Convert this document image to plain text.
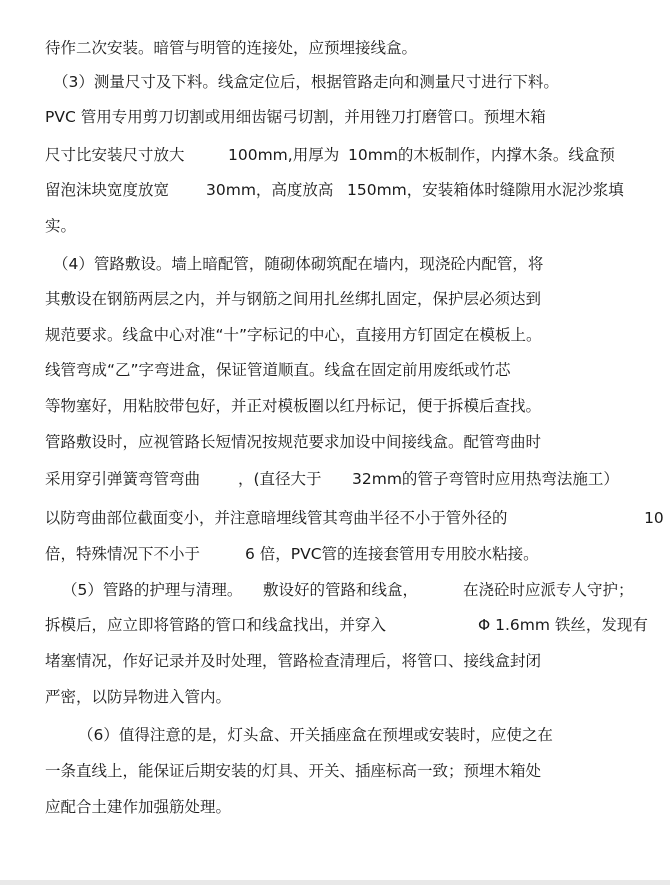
待作二次安装。暗管与明管的连接处，应预埋接线盒。

（3）测量尺寸及下料。线盒定位后，根据管路走向和测量尺寸进行下料。

PVC 管用专用剪刀切割或用细齿锯弓切割，并用锉刀打磨管口。预埋木箱

尺寸比安装尺寸放大

	100mm,用厚为

10mm的木板制作，内撑木条。线盒预

留泡沫块宽度放宽

30mm，高度放高

150mm，安装箱体时缝隙用水泥沙浆填

实。

（4）管路敷设。墙上暗配管，随砌体砌筑配在墙内，现浇砼内配管，将

其敷设在钢筋两层之内，并与钢筋之间用扎丝绑扎固定，保护层必须达到

规范要求。线盒中心对准“十”字标记的中心，直接用方钉固定在模板上。

线管弯成“乙”字弯进盒，保证管道顺直。线盒在固定前用废纸或竹芯

等物塞好，用粘胶带包好，并正对模板圈以红丹标记，便于拆模后查找。

管路敷设时，应视管路长短情况按规范要求加设中间接线盒。配管弯曲时

采用穿引弹簧弯管弯曲

，(直径大于

32mm的管子弯管时应用热弯法施工）

以防弯曲部位截面变小，并注意暗埋线管其弯曲半径不小于管外径的

	10

倍，特殊情况下不小于

	6 倍，PVC管的连接套管用专用胶水粘接。

（5）管路的护理与清理。

敷设好的管路和线盒，

	在浇砼时应派专人守护；

拆模后，应立即将管路的管口和线盒找出，并穿入

	Φ 1.6mm 铁丝，发现有

堵塞情况，作好记录并及时处理，管路检查清理后，将管口、接线盒封闭

严密，以防异物进入管内。

（6）值得注意的是，灯头盒、开关插座盒在预埋或安装时，应使之在

一条直线上，能保证后期安装的灯具、开关、插座标高一致；预埋木箱处

应配合土建作加强筋处理。
